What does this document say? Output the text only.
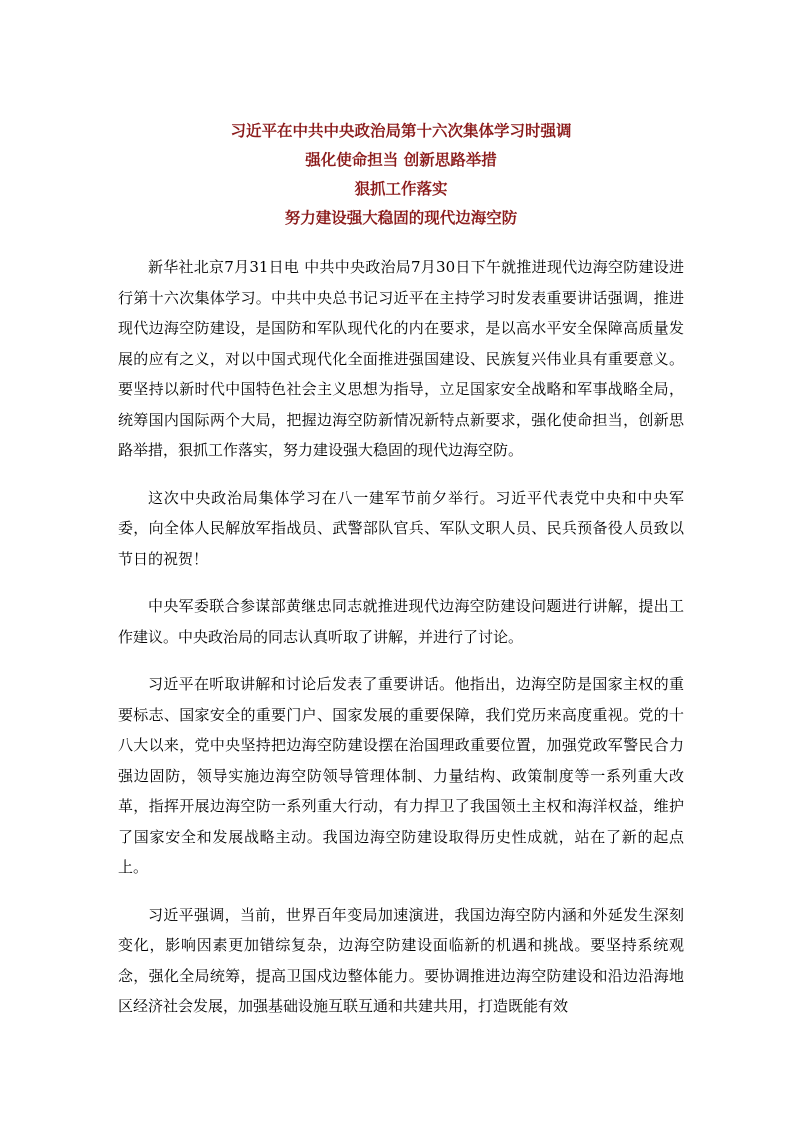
习近平在中共中央政治局第十六次集体学习时强调

强化使命担当 创新思路举措

狠抓工作落实

努力建设强大稳固的现代边海空防

新华社北京7月31日电 中共中央政治局7月30日下午就推进现代边海空防建设进行第十六次集体学习。中共中央总书记习近平在主持学习时发表重要讲话强调，推进现代边海空防建设，是国防和军队现代化的内在要求，是以高水平安全保障高质量发展的应有之义，对以中国式现代化全面推进强国建设、民族复兴伟业具有重要意义。要坚持以新时代中国特色社会主义思想为指导，立足国家安全战略和军事战略全局，统筹国内国际两个大局，把握边海空防新情况新特点新要求，强化使命担当，创新思路举措，狠抓工作落实，努力建设强大稳固的现代边海空防。

这次中央政治局集体学习在八一建军节前夕举行。习近平代表党中央和中央军委，向全体人民解放军指战员、武警部队官兵、军队文职人员、民兵预备役人员致以节日的祝贺！

中央军委联合参谋部黄继忠同志就推进现代边海空防建设问题进行讲解，提出工作建议。中央政治局的同志认真听取了讲解，并进行了讨论。

习近平在听取讲解和讨论后发表了重要讲话。他指出，边海空防是国家主权的重要标志、国家安全的重要门户、国家发展的重要保障，我们党历来高度重视。党的十八大以来，党中央坚持把边海空防建设摆在治国理政重要位置，加强党政军警民合力强边固防，领导实施边海空防领导管理体制、力量结构、政策制度等一系列重大改革，指挥开展边海空防一系列重大行动，有力捍卫了我国领土主权和海洋权益，维护了国家安全和发展战略主动。我国边海空防建设取得历史性成就，站在了新的起点上。

习近平强调，当前，世界百年变局加速演进，我国边海空防内涵和外延发生深刻变化，影响因素更加错综复杂，边海空防建设面临新的机遇和挑战。要坚持系统观念，强化全局统筹，提高卫国戍边整体能力。要协调推进边海空防建设和沿边沿海地区经济社会发展，加强基础设施互联互通和共建共用，打造既能有效
